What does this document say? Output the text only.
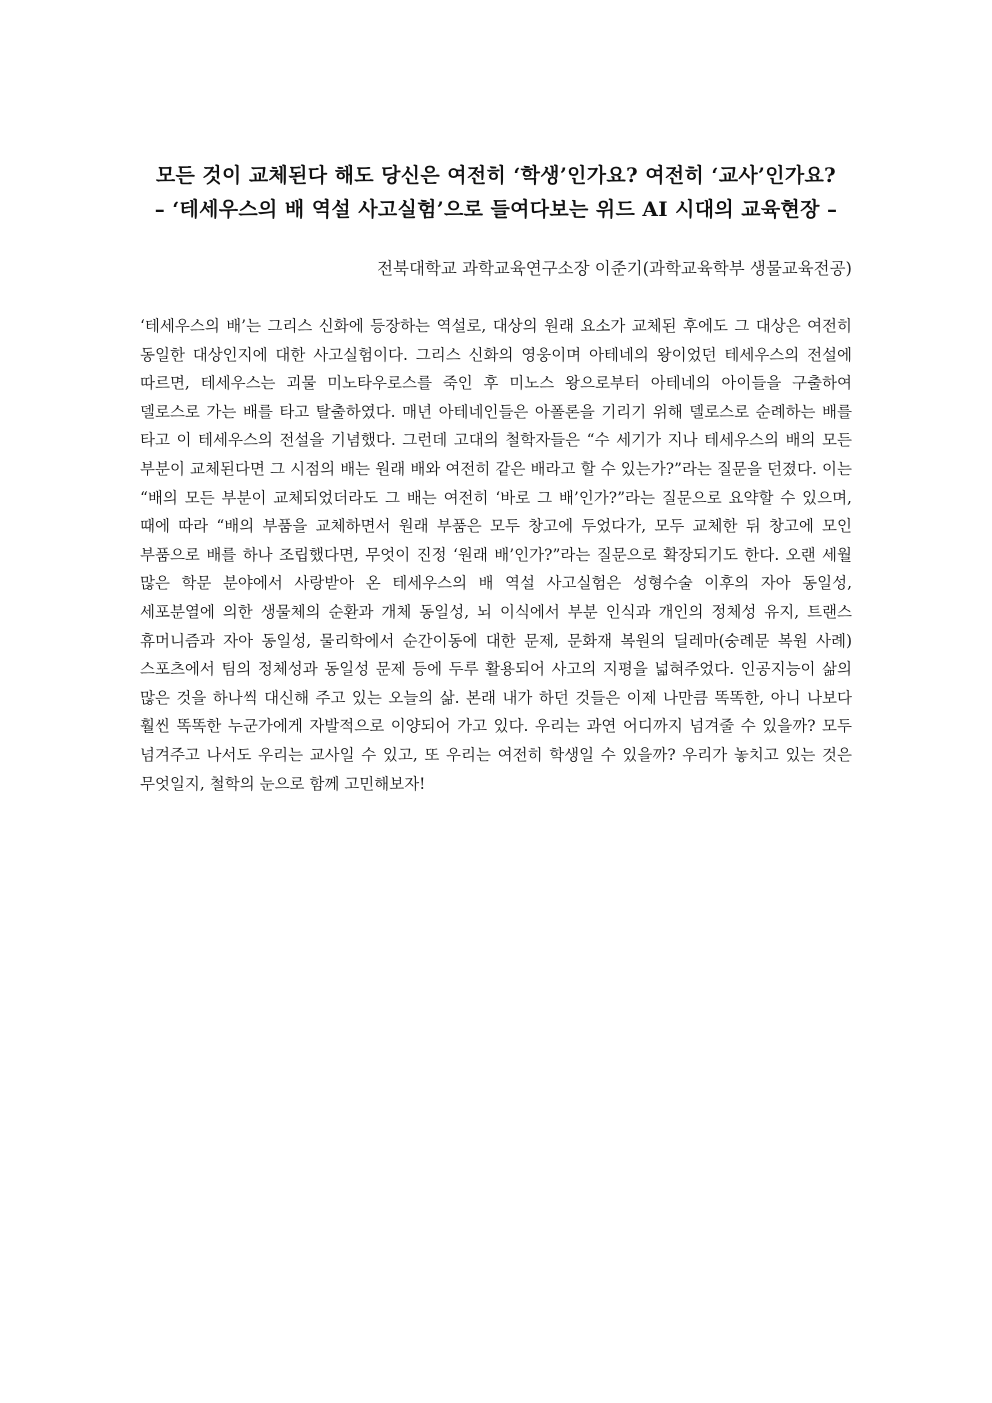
모든 것이 교체된다 해도 당신은 여전히 ‘학생’인가요? 여전히 ‘교사’인가요?
– ‘테세우스의 배 역설 사고실험’으로 들여다보는 위드 AI 시대의 교육현장 –
전북대학교 과학교육연구소장 이준기(과학교육학부 생물교육전공)
‘테세우스의 배’는 그리스 신화에 등장하는 역설로, 대상의 원래 요소가 교체된 후에도 그 대상은 여전히 동일한 대상인지에 대한 사고실험이다. 그리스 신화의 영웅이며 아테네의 왕이었던 테세우스의 전설에 따르면, 테세우스는 괴물 미노타우로스를 죽인 후 미노스 왕으로부터 아테네의 아이들을 구출하여 델로스로 가는 배를 타고 탈출하였다. 매년 아테네인들은 아폴론을 기리기 위해 델로스로 순례하는 배를 타고 이 테세우스의 전설을 기념했다. 그런데 고대의 철학자들은 “수 세기가 지나 테세우스의 배의 모든 부분이 교체된다면 그 시점의 배는 원래 배와 여전히 같은 배라고 할 수 있는가?”라는 질문을 던졌다. 이는 “배의 모든 부분이 교체되었더라도 그 배는 여전히 ‘바로 그 배’인가?”라는 질문으로 요약할 수 있으며, 때에 따라 “배의 부품을 교체하면서 원래 부품은 모두 창고에 두었다가, 모두 교체한 뒤 창고에 모인 부품으로 배를 하나 조립했다면, 무엇이 진정 ‘원래 배’인가?”라는 질문으로 확장되기도 한다. 오랜 세월 많은 학문 분야에서 사랑받아 온 테세우스의 배 역설 사고실험은 성형수술 이후의 자아 동일성, 세포분열에 의한 생물체의 순환과 개체 동일성, 뇌 이식에서 부분 인식과 개인의 정체성 유지, 트랜스 휴머니즘과 자아 동일성, 물리학에서 순간이동에 대한 문제, 문화재 복원의 딜레마(숭례문 복원 사례) 스포츠에서 팀의 정체성과 동일성 문제 등에 두루 활용되어 사고의 지평을 넓혀주었다. 인공지능이 삶의 많은 것을 하나씩 대신해 주고 있는 오늘의 삶. 본래 내가 하던 것들은 이제 나만큼 똑똑한, 아니 나보다 훨씬 똑똑한 누군가에게 자발적으로 이양되어 가고 있다. 우리는 과연 어디까지 넘겨줄 수 있을까? 모두 넘겨주고 나서도 우리는 교사일 수 있고, 또 우리는 여전히 학생일 수 있을까? 우리가 놓치고 있는 것은 무엇일지, 철학의 눈으로 함께 고민해보자!
